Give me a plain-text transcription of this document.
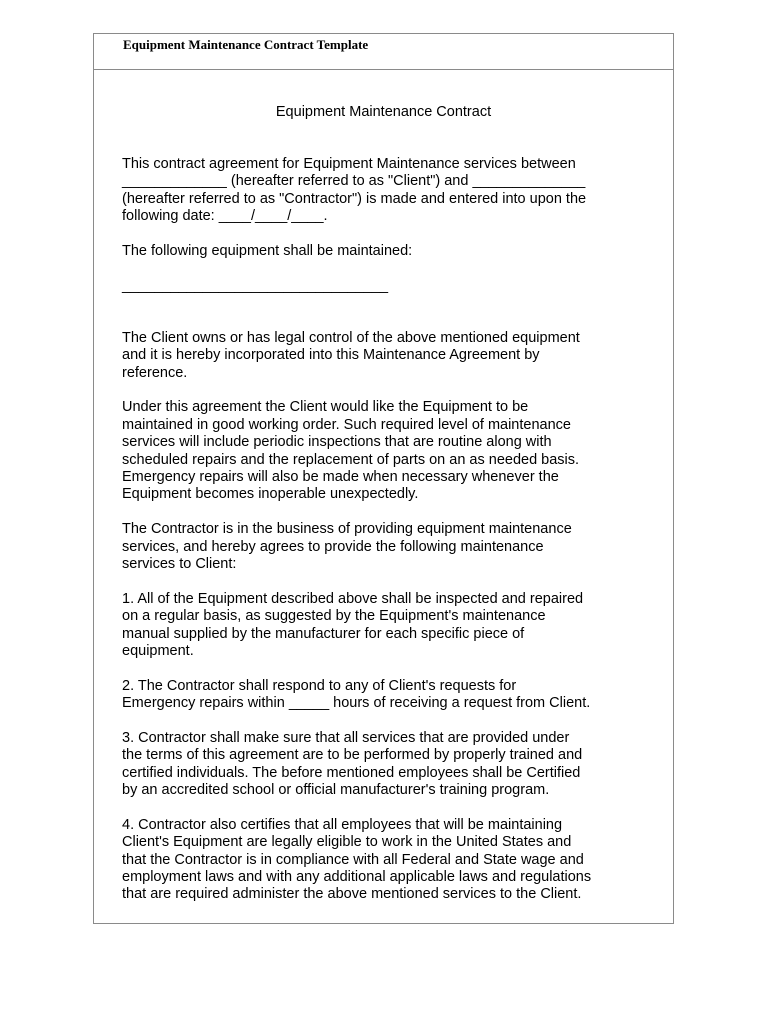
Equipment Maintenance Contract Template
Equipment Maintenance Contract

This contract agreement for Equipment Maintenance services between
_____________ (hereafter referred to as "Client") and ______________
(hereafter referred to as "Contractor") is made and entered into upon the
following date: ____/____/____.

The following equipment shall be maintained:

_________________________________

The Client owns or has legal control of the above mentioned equipment
and it is hereby incorporated into this Maintenance Agreement by
reference.

Under this agreement the Client would like the Equipment to be
maintained in good working order. Such required level of maintenance
services will include periodic inspections that are routine along with
scheduled repairs and the replacement of parts on an as needed basis.
Emergency repairs will also be made when necessary whenever the
Equipment becomes inoperable unexpectedly.

The Contractor is in the business of providing equipment maintenance
services, and hereby agrees to provide the following maintenance
services to Client:

1. All of the Equipment described above shall be inspected and repaired
on a regular basis, as suggested by the Equipment's maintenance
manual supplied by the manufacturer for each specific piece of
equipment.

2. The Contractor shall respond to any of Client's requests for
Emergency repairs within _____ hours of receiving a request from Client.

3. Contractor shall make sure that all services that are provided under
the terms of this agreement are to be performed by properly trained and
certified individuals. The before mentioned employees shall be Certified
by an accredited school or official manufacturer's training program.

4. Contractor also certifies that all employees that will be maintaining
Client's Equipment are legally eligible to work in the United States and
that the Contractor is in compliance with all Federal and State wage and
employment laws and with any additional applicable laws and regulations
that are required administer the above mentioned services to the Client.
